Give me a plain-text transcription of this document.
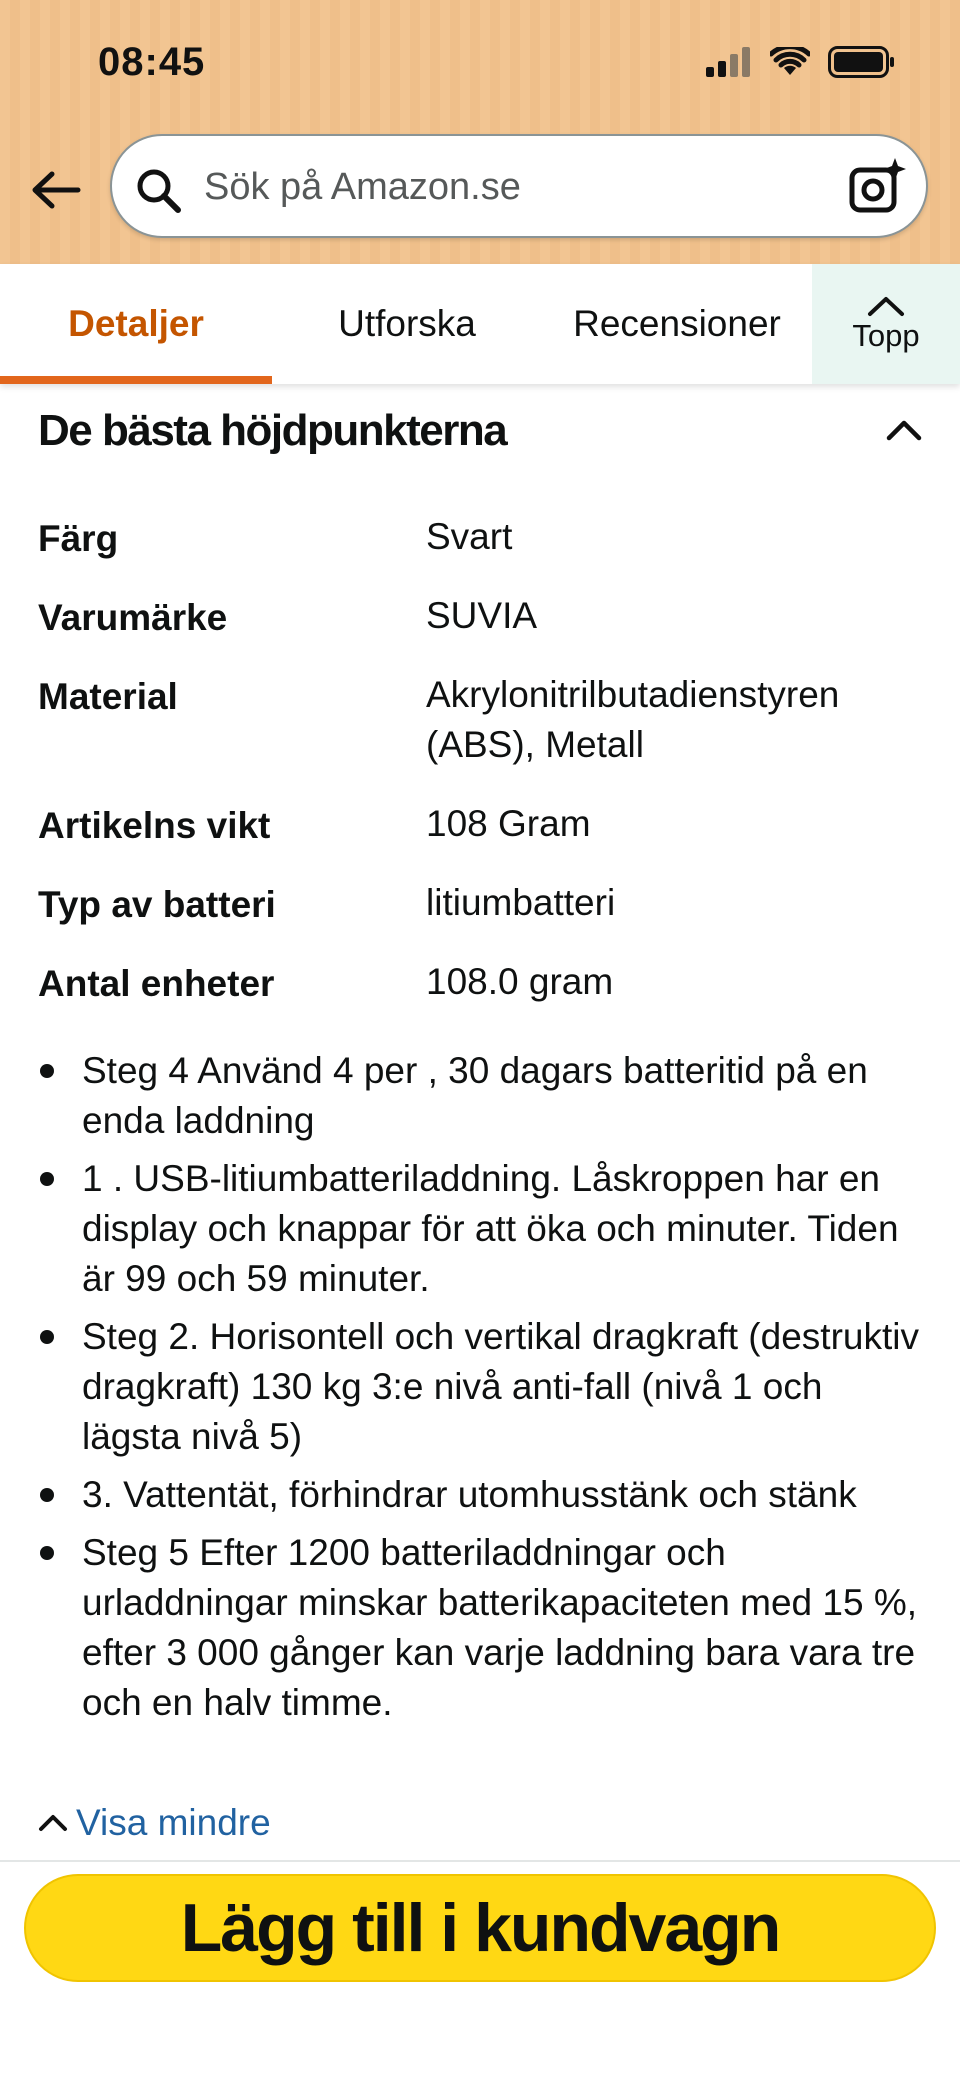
08:45
Sök på Amazon.se
Detaljer	Utforska	Recensioner Topp
De bästa höjdpunkterna
Färg	Svart
Varumärke	SUVIA
Material	Akrylonitrilbutadienstyren (ABS), Metall
Artikelns vikt	108 Gram
Typ av batteri	litiumbatteri
Antal enheter	108.0 gram
Steg 4 Använd 4 per , 30 dagars batteritid på en enda laddning
1 . USB-litiumbatteriladdning. Låskroppen har en display och knappar för att öka och minuter. Tiden är 99 och 59 minuter.
Steg 2. Horisontell och vertikal dragkraft (destruktiv dragkraft) 130 kg 3:e nivå anti-fall (nivå 1 och lägsta nivå 5)
3. Vattentät, förhindrar utomhusstänk och stänk
Steg 5 Efter 1200 batteriladdningar och urladdningar minskar batterikapaciteten med 15 %, efter 3 000 gånger kan varje laddning bara vara tre och en halv timme.
Visa mindre
Lägg till i kundvagn
